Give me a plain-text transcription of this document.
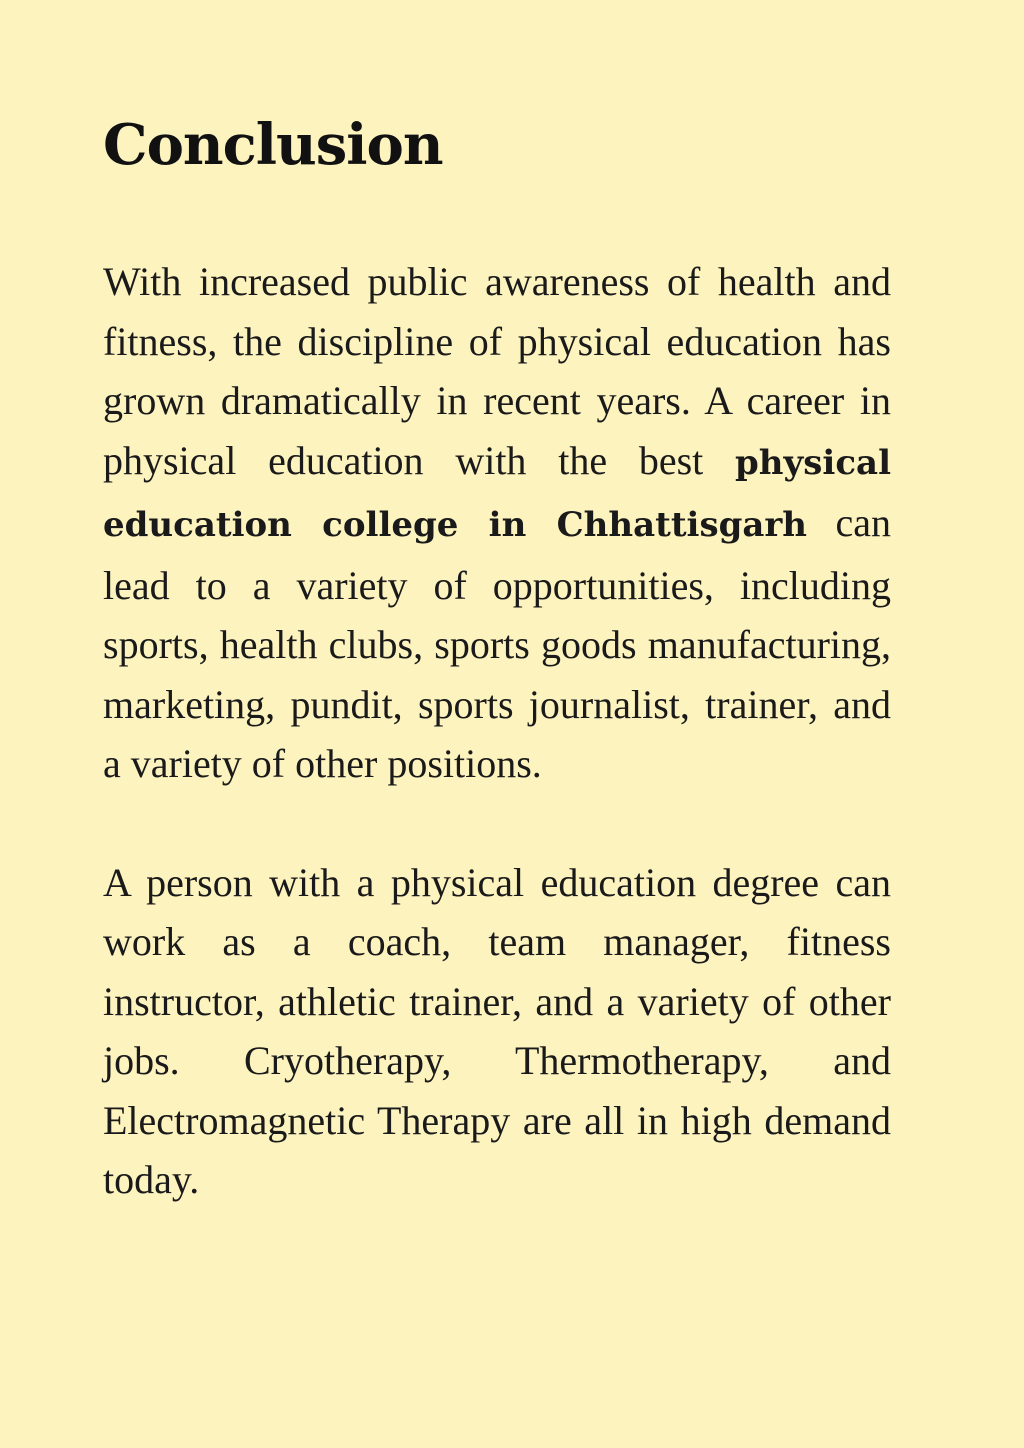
Conclusion

With increased public awareness of health and fitness, the discipline of physical education has grown dramatically in recent years. A career in physical education with the best physical education college in Chhattisgarh can lead to a variety of opportunities, including sports, health clubs, sports goods manufacturing, marketing, pundit, sports journalist, trainer, and a variety of other positions.

A person with a physical education degree can work as a coach, team manager, fitness instructor, athletic trainer, and a variety of other jobs. Cryotherapy, Thermotherapy, and Electromagnetic Therapy are all in high demand today.
